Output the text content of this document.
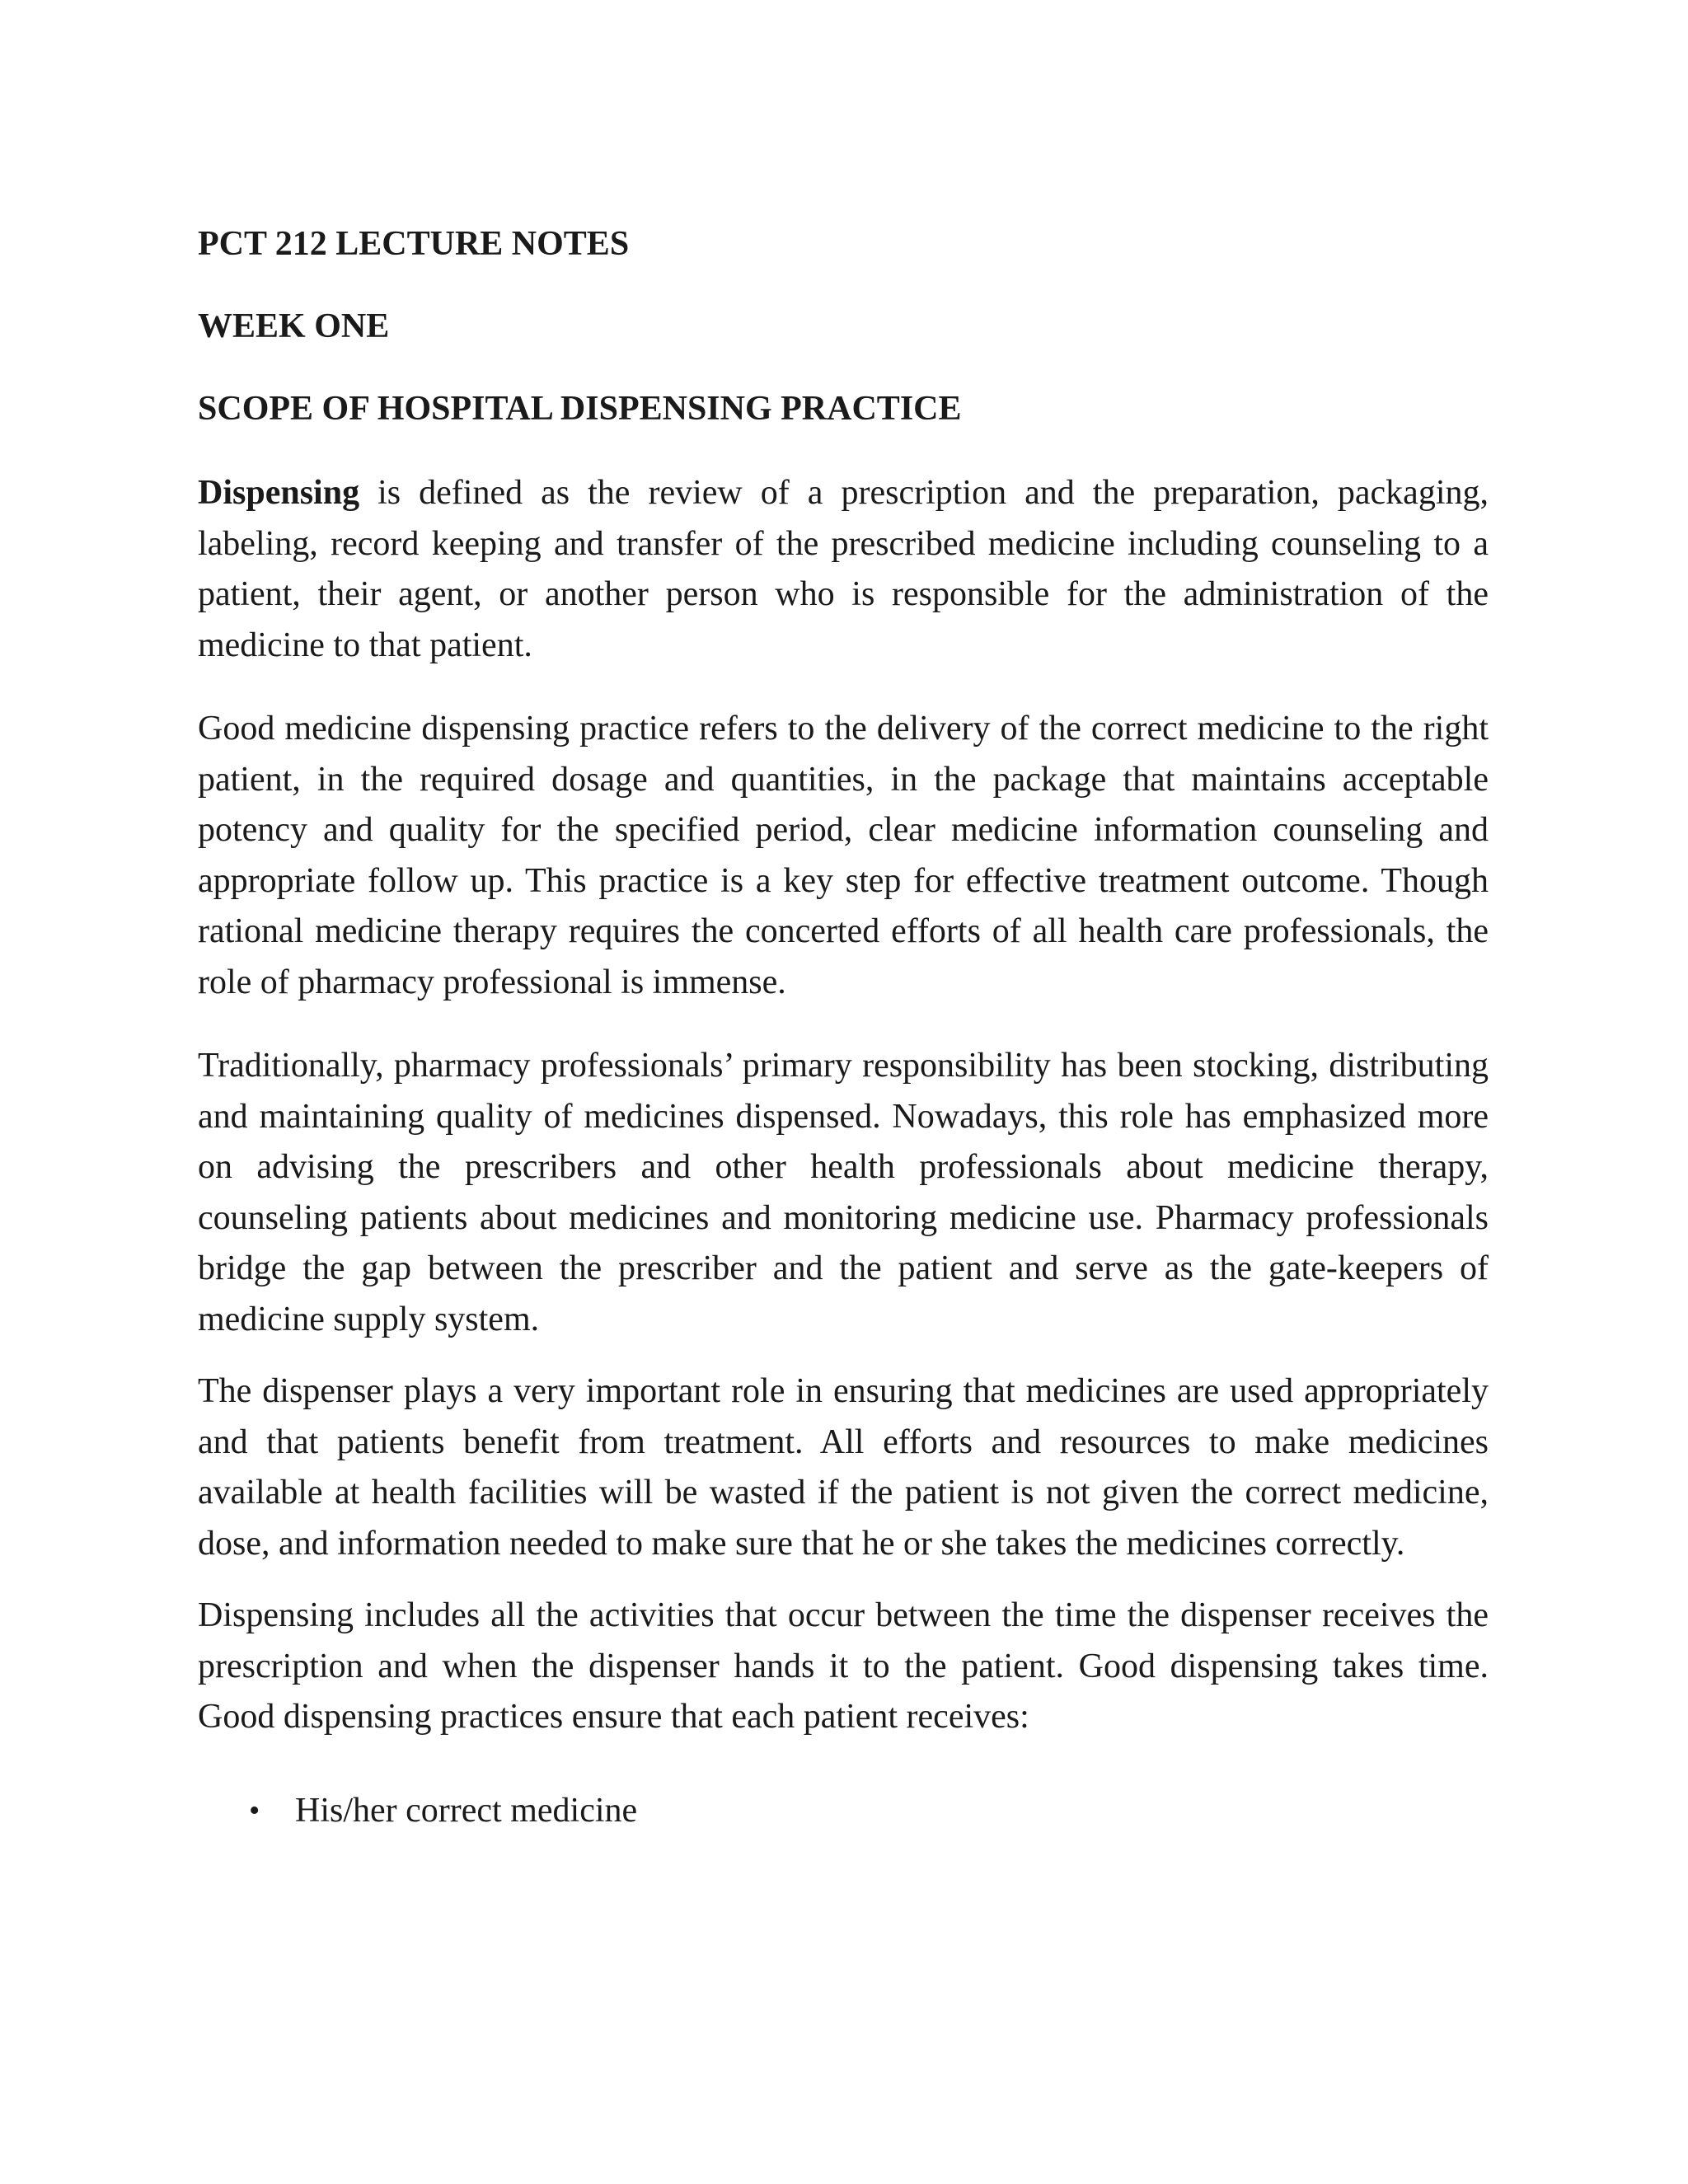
PCT 212 LECTURE NOTES

WEEK ONE

SCOPE OF HOSPITAL DISPENSING PRACTICE

Dispensing is defined as the review of a prescription and the preparation, packaging, labeling, record keeping and transfer of the prescribed medicine including counseling to a patient, their agent, or another person who is responsible for the administration of the medicine to that patient.

Good medicine dispensing practice refers to the delivery of the correct medicine to the right patient, in the required dosage and quantities, in the package that maintains acceptable potency and quality for the specified period, clear medicine information counseling and appropriate follow up. This practice is a key step for effective treatment outcome. Though rational medicine therapy requires the concerted efforts of all health care professionals, the role of pharmacy professional is immense.

Traditionally, pharmacy professionals’ primary responsibility has been stocking, distributing and maintaining quality of medicines dispensed. Nowadays, this role has emphasized more on advising the prescribers and other health professionals about medicine therapy, counseling patients about medicines and monitoring medicine use. Pharmacy professionals bridge the gap between the prescriber and the patient and serve as the gate-keepers of medicine supply system.

The dispenser plays a very important role in ensuring that medicines are used appropriately and that patients benefit from treatment. All efforts and resources to make medicines available at health facilities will be wasted if the patient is not given the correct medicine, dose, and information needed to make sure that he or she takes the medicines correctly.

Dispensing includes all the activities that occur between the time the dispenser receives the prescription and when the dispenser hands it to the patient. Good dispensing takes time. Good dispensing practices ensure that each patient receives:

• His/her correct medicine
